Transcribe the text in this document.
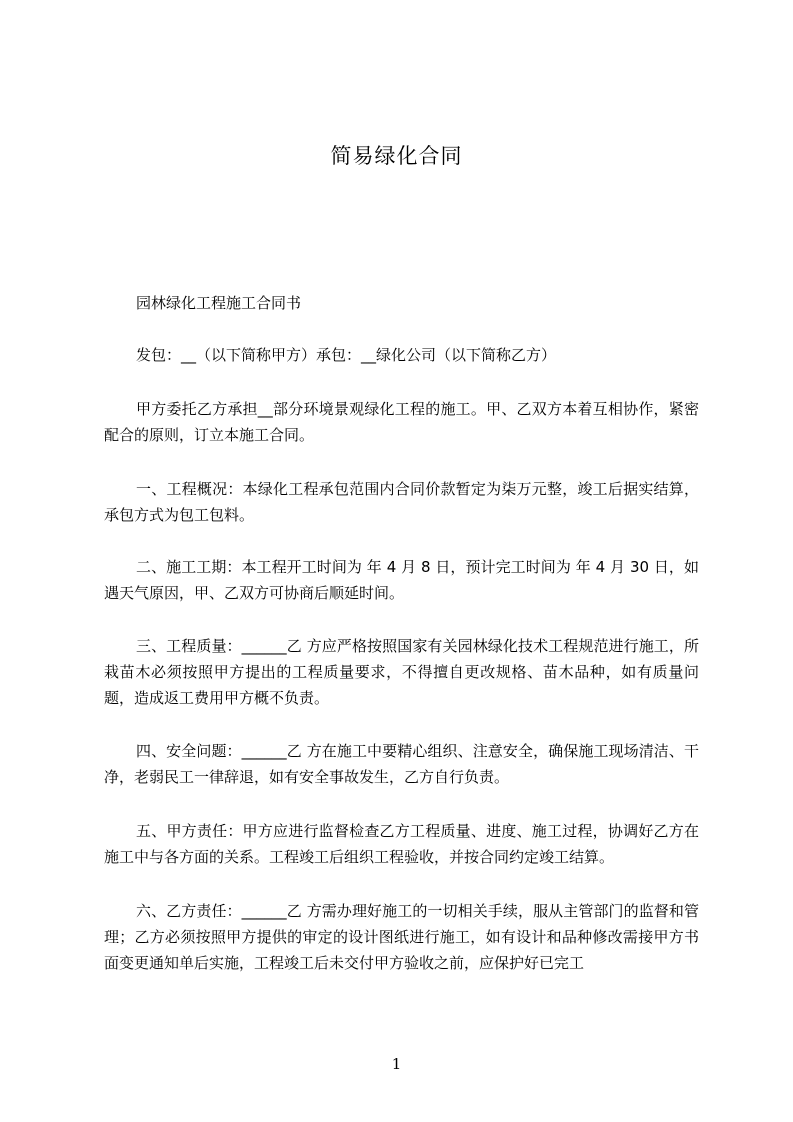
简易绿化合同
园林绿化工程施工合同书
发包：__（以下简称甲方）承包：__绿化公司（以下简称乙方）
甲方委托乙方承担__部分环境景观绿化工程的施工。甲、乙双方本着互相协作，紧密配合的原则，订立本施工合同。
一、工程概况：本绿化工程承包范围内合同价款暂定为柒万元整，竣工后据实结算，承包方式为包工包料。
二、施工工期：本工程开工时间为 年 4 月 8 日，预计完工时间为 年 4 月 30 日，如遇天气原因，甲、乙双方可协商后顺延时间。
三、工程质量：______乙 方应严格按照国家有关园林绿化技术工程规范进行施工，所栽苗木必须按照甲方提出的工程质量要求，不得擅自更改规格、苗木品种，如有质量问题，造成返工费用甲方概不负责。
四、安全问题：______乙 方在施工中要精心组织、注意安全，确保施工现场清洁、干净，老弱民工一律辞退，如有安全事故发生，乙方自行负责。
五、甲方责任：甲方应进行监督检查乙方工程质量、进度、施工过程，协调好乙方在施工中与各方面的关系。工程竣工后组织工程验收，并按合同约定竣工结算。
六、乙方责任：______乙 方需办理好施工的一切相关手续，服从主管部门的监督和管理；乙方必须按照甲方提供的审定的设计图纸进行施工，如有设计和品种修改需接甲方书面变更通知单后实施，工程竣工后未交付甲方验收之前，应保护好已完工
1
